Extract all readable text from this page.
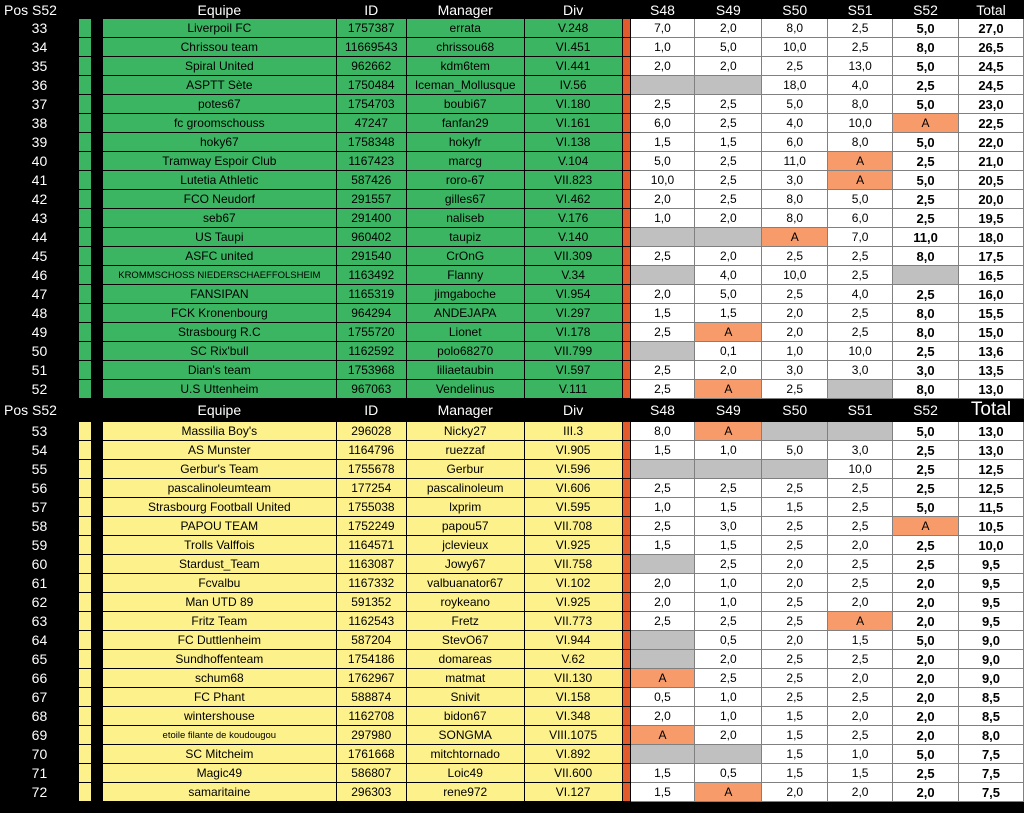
Pos S52			Equipe	ID	Manager	Div		S48	S49	S50	S51	S52	Total
33			Liverpoil FC	1757387	errata	V.248		7,0	2,0	8,0	2,5	5,0	27,0
34			Chrissou team	11669543	chrissou68	VI.451		1,0	5,0	10,0	2,5	8,0	26,5
35			Spiral United	962662	kdm6tem	VI.441		2,0	2,0	2,5	13,0	5,0	24,5
36			ASPTT Sète	1750484	Iceman_Mollusque	IV.56				18,0	4,0	2,5	24,5
37			potes67	1754703	boubi67	VI.180		2,5	2,5	5,0	8,0	5,0	23,0
38			fc groomschouss	47247	fanfan29	VI.161		6,0	2,5	4,0	10,0	A	22,5
39			hoky67	1758348	hokyfr	VI.138		1,5	1,5	6,0	8,0	5,0	22,0
40			Tramway Espoir Club	1167423	marcg	V.104		5,0	2,5	11,0	A	2,5	21,0
41			Lutetia Athletic	587426	roro-67	VII.823		10,0	2,5	3,0	A	5,0	20,5
42			FCO Neudorf	291557	gilles67	VI.462		2,0	2,5	8,0	5,0	2,5	20,0
43			seb67	291400	naliseb	V.176		1,0	2,0	8,0	6,0	2,5	19,5
44			US Taupi	960402	taupiz	V.140				A	7,0	11,0	18,0
45			ASFC united	291540	CrOnG	VII.309		2,5	2,0	2,5	2,5	8,0	17,5
46			KROMMSCHOSS NIEDERSCHAEFFOLSHEIM	1163492	Flanny	V.34			4,0	10,0	2,5		16,5
47			FANSIPAN	1165319	jimgaboche	VI.954		2,0	5,0	2,5	4,0	2,5	16,0
48			FCK Kronenbourg	964294	ANDEJAPA	VI.297		1,5	1,5	2,0	2,5	8,0	15,5
49			Strasbourg R.C	1755720	Lionet	VI.178		2,5	A	2,0	2,5	8,0	15,0
50			SC Rix'bull	1162592	polo68270	VII.799			0,1	1,0	10,0	2,5	13,6
51			Dian's team	1753968	liliaetaubin	VI.597		2,5	2,0	3,0	3,0	3,0	13,5
52			U.S Uttenheim	967063	Vendelinus	V.111		2,5	A	2,5		8,0	13,0
Pos S52			Equipe	ID	Manager	Div		S48	S49	S50	S51	S52	Total
53			Massilia Boy's	296028	Nicky27	III.3		8,0	A			5,0	13,0
54			AS Munster	1164796	ruezzaf	VI.905		1,5	1,0	5,0	3,0	2,5	13,0
55			Gerbur's Team	1755678	Gerbur	VI.596					10,0	2,5	12,5
56			pascalinoleumteam	177254	pascalinoleum	VI.606		2,5	2,5	2,5	2,5	2,5	12,5
57			Strasbourg Football United	1755038	lxprim	VI.595		1,0	1,5	1,5	2,5	5,0	11,5
58			PAPOU TEAM	1752249	papou57	VII.708		2,5	3,0	2,5	2,5	A	10,5
59			Trolls Valffois	1164571	jclevieux	VI.925		1,5	1,5	2,5	2,0	2,5	10,0
60			Stardust_Team	1163087	Jowy67	VII.758			2,5	2,0	2,5	2,5	9,5
61			Fcvalbu	1167332	valbuanator67	VI.102		2,0	1,0	2,0	2,5	2,0	9,5
62			Man UTD 89	591352	roykeano	VI.925		2,0	1,0	2,5	2,0	2,0	9,5
63			Fritz Team	1162543	Fretz	VII.773		2,5	2,5	2,5	A	2,0	9,5
64			FC Duttlenheim	587204	StevO67	VI.944			0,5	2,0	1,5	5,0	9,0
65			Sundhoffenteam	1754186	domareas	V.62			2,0	2,5	2,5	2,0	9,0
66			schum68	1762967	matmat	VII.130		A	2,5	2,5	2,0	2,0	9,0
67			FC Phant	588874	Snivit	VI.158		0,5	1,0	2,5	2,5	2,0	8,5
68			wintershouse	1162708	bidon67	VI.348		2,0	1,0	1,5	2,0	2,0	8,5
69			etoile filante de koudougou	297980	SONGMA	VIII.1075		A	2,0	1,5	2,5	2,0	8,0
70			SC Mitcheim	1761668	mitchtornado	VI.892				1,5	1,0	5,0	7,5
71			Magic49	586807	Loic49	VII.600		1,5	0,5	1,5	1,5	2,5	7,5
72			samaritaine	296303	rene972	VI.127		1,5	A	2,0	2,0	2,0	7,5
